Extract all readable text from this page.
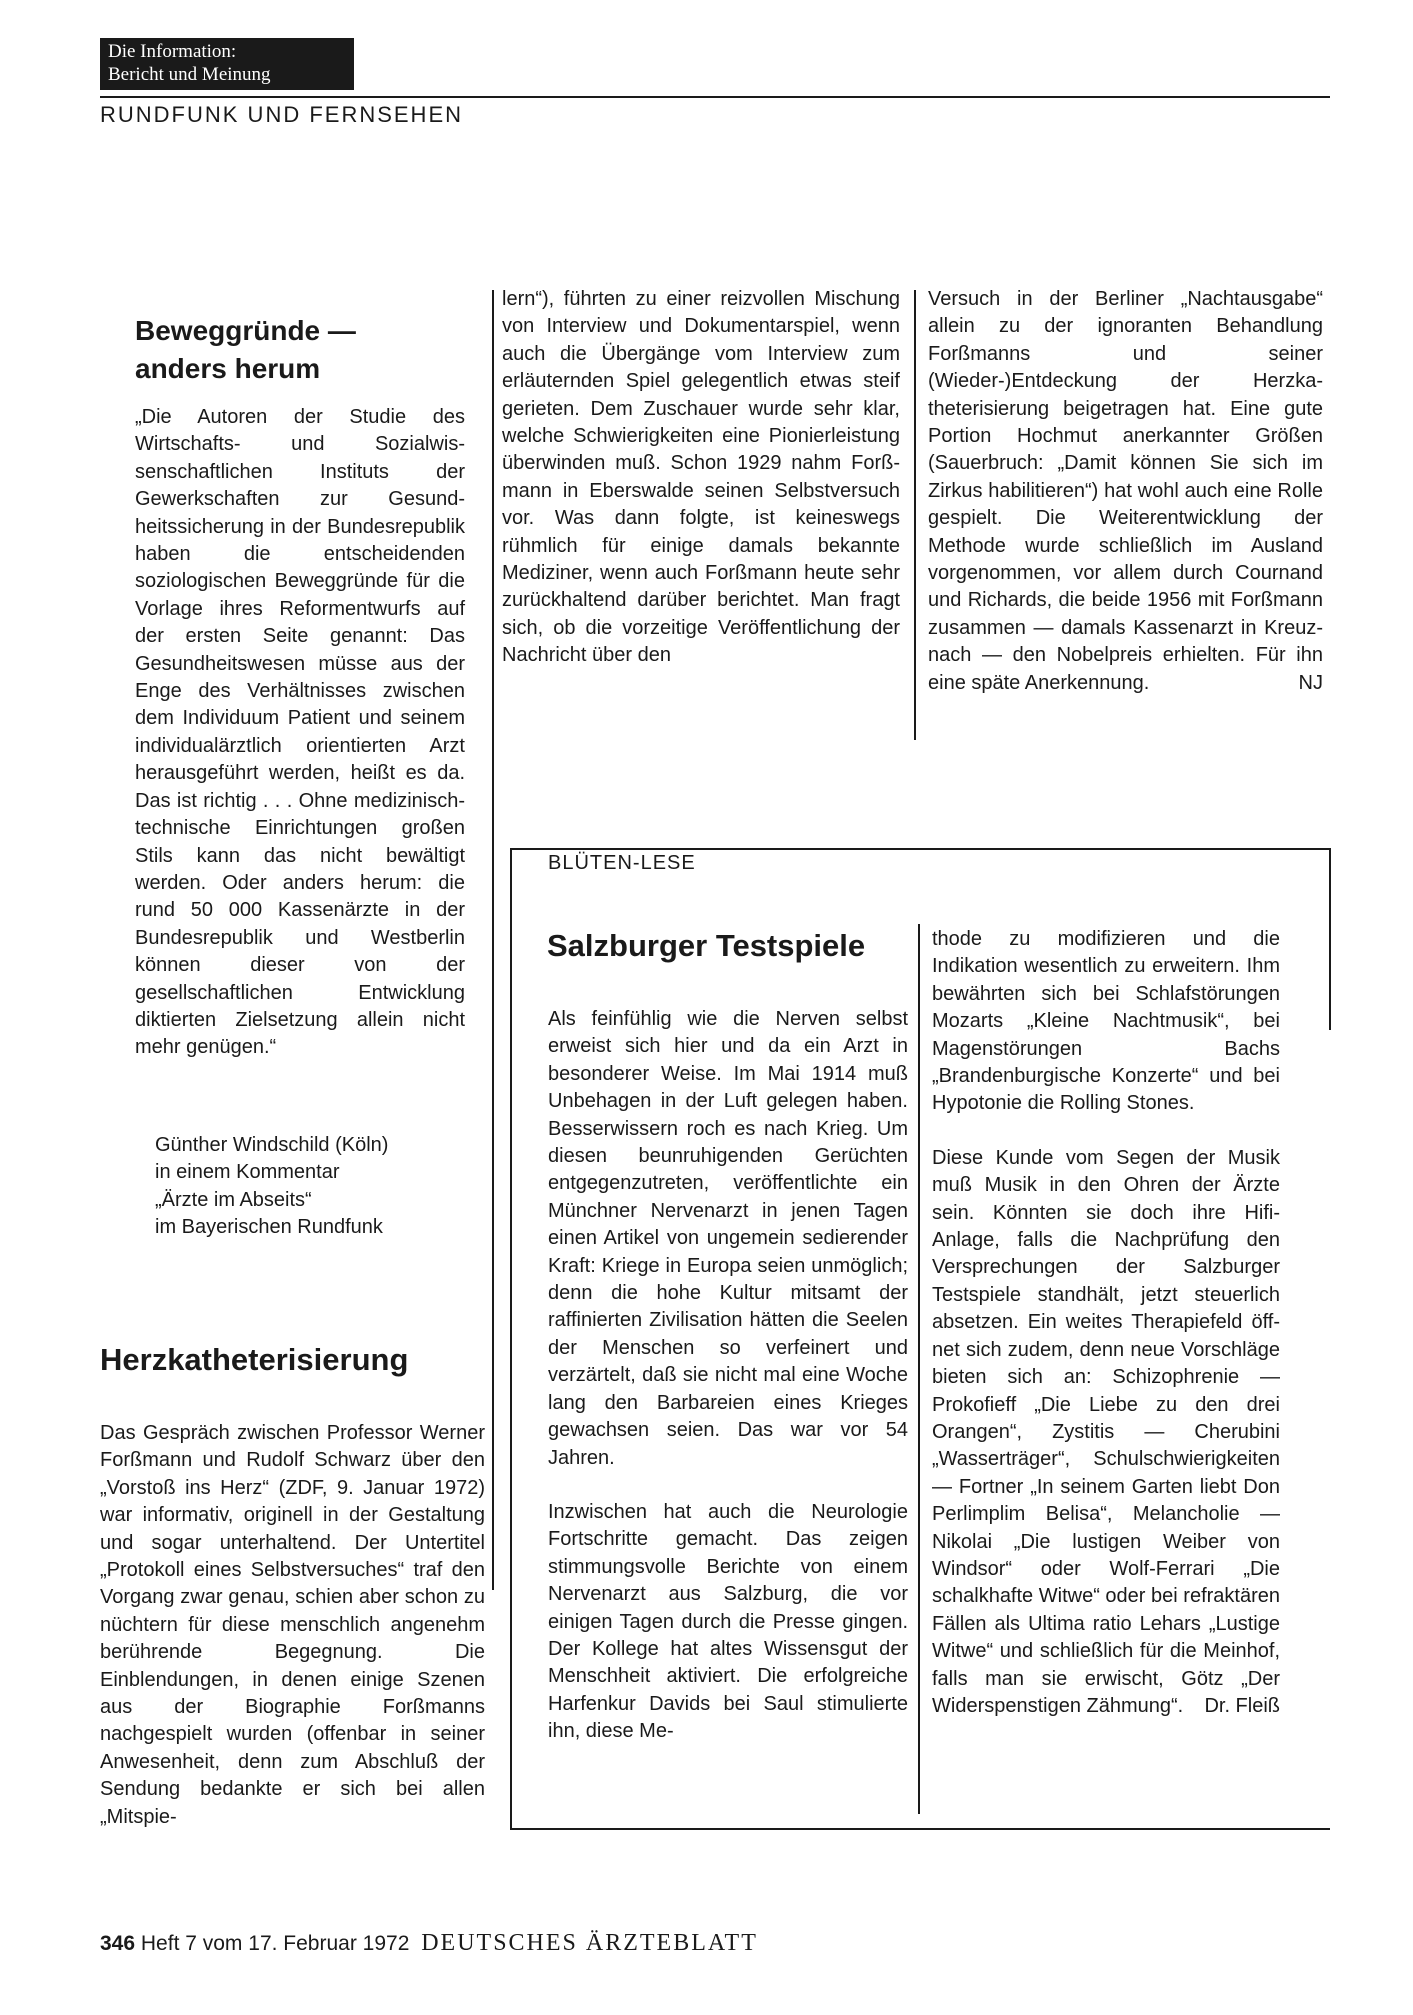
Die Information:
Bericht und Meinung
RUNDFUNK UND FERNSEHEN
Beweggründe —
anders herum

„Die Autoren der Studie des Wirtschafts- und Sozialwissenschaftlichen Instituts der Gewerkschaften zur Gesundheitssicherung in der Bundesrepublik haben die entscheidenden soziologischen Beweggründe für die Vorlage ihres Reformentwurfs auf der ersten Seite genannt: Das Gesundheitswesen müsse aus der Enge des Verhältnisses zwischen dem Individuum Patient und seinem individualärztlich orientierten Arzt herausgeführt werden, heißt es da. Das ist richtig . . . Ohne medizinisch-technische Einrichtungen großen Stils kann das nicht bewältigt werden. Oder anders herum: die rund 50 000 Kassenärzte in der Bundesrepublik und Westberlin können dieser von der gesellschaftlichen Entwicklung diktierten Zielsetzung allein nicht mehr genügen.“

Günther Windschild (Köln)
in einem Kommentar
„Ärzte im Abseits“
im Bayerischen Rundfunk
Herzkatheterisierung

Das Gespräch zwischen Professor Werner Forßmann und Rudolf Schwarz über den „Vorstoß ins Herz“ (ZDF, 9. Januar 1972) war informativ, originell in der Gestaltung und sogar unterhaltend. Der Untertitel „Protokoll eines Selbstversuches“ traf den Vorgang zwar genau, schien aber schon zu nüchtern für diese menschlich angenehm berührende Begegnung. Die Einblendungen, in denen einige Szenen aus der Biographie Forßmanns nachgespielt wurden (offenbar in seiner Anwesenheit, denn zum Abschluß der Sendung bedankte er sich bei allen „Mitspie-

lern“), führten zu einer reizvollen Mischung von Interview und Dokumentarspiel, wenn auch die Übergänge vom Interview zum erläuternden Spiel gelegentlich etwas steif gerieten. Dem Zuschauer wurde sehr klar, welche Schwierigkeiten eine Pionierleistung überwinden muß. Schon 1929 nahm Forßmann in Eberswalde seinen Selbstversuch vor. Was dann folgte, ist keineswegs rühmlich für einige damals bekannte Mediziner, wenn auch Forßmann heute sehr zurückhaltend darüber berichtet. Man fragt sich, ob die vorzeitige Veröffentlichung der Nachricht über den

Versuch in der Berliner „Nachtausgabe“ allein zu der ignoranten Behandlung Forßmanns und seiner (Wieder-)Entdeckung der Herzkatheterisierung beigetragen hat. Eine gute Portion Hochmut anerkannter Größen (Sauerbruch: „Damit können Sie sich im Zirkus habilitieren“) hat wohl auch eine Rolle gespielt. Die Weiterentwicklung der Methode wurde schließlich im Ausland vorgenommen, vor allem durch Cournand und Richards, die beide 1956 mit Forßmann zusammen — damals Kassenarzt in Kreuznach — den Nobelpreis erhielten. Für ihn eine späte Anerkennung.	NJ

BLÜTEN-LESE
Salzburger Testspiele

Als feinfühlig wie die Nerven selbst erweist sich hier und da ein Arzt in besonderer Weise. Im Mai 1914 muß Unbehagen in der Luft gelegen haben. Besserwissern roch es nach Krieg. Um diesen beunruhigenden Gerüchten entgegenzutreten, veröffentlichte ein Münchner Nervenarzt in jenen Tagen einen Artikel von ungemein sedierender Kraft: Kriege in Europa seien unmöglich; denn die hohe Kultur mitsamt der raffinierten Zivilisation hätten die Seelen der Menschen so verfeinert und verzärtelt, daß sie nicht mal eine Woche lang den Barbareien eines Krieges gewachsen seien. Das war vor 54 Jahren.

Inzwischen hat auch die Neurologie Fortschritte gemacht. Das zeigen stimmungsvolle Berichte von einem Nervenarzt aus Salzburg, die vor einigen Tagen durch die Presse gingen. Der Kollege hat altes Wissensgut der Menschheit aktiviert. Die erfolgreiche Harfenkur Davids bei Saul stimulierte ihn, diese Me-

thode zu modifizieren und die Indikation wesentlich zu erweitern. Ihm bewährten sich bei Schlafstörungen Mozarts „Kleine Nachtmusik“, bei Magenstörungen Bachs „Brandenburgische Konzerte“ und bei Hypotonie die Rolling Stones.

Diese Kunde vom Segen der Musik muß Musik in den Ohren der Ärzte sein. Könnten sie doch ihre Hifi-Anlage, falls die Nachprüfung den Versprechungen der Salzburger Testspiele standhält, jetzt steuerlich absetzen. Ein weites Therapiefeld öffnet sich zudem, denn neue Vorschläge bieten sich an: Schizophrenie — Prokofieff „Die Liebe zu den drei Orangen“, Zystitis — Cherubini „Wasserträger“, Schulschwierigkeiten — Fortner „In seinem Garten liebt Don Perlimplim Belisa“, Melancholie — Nikolai „Die lustigen Weiber von Windsor“ oder Wolf-Ferrari „Die schalkhafte Witwe“ oder bei refraktären Fällen als Ultima ratio Lehars „Lustige Witwe“ und schließlich für die Meinhof, falls man sie erwischt, Götz „Der Widerspenstigen Zähmung“. Dr. Fleiß

346 Heft 7 vom 17. Februar 1972 DEUTSCHES ÄRZTEBLATT
